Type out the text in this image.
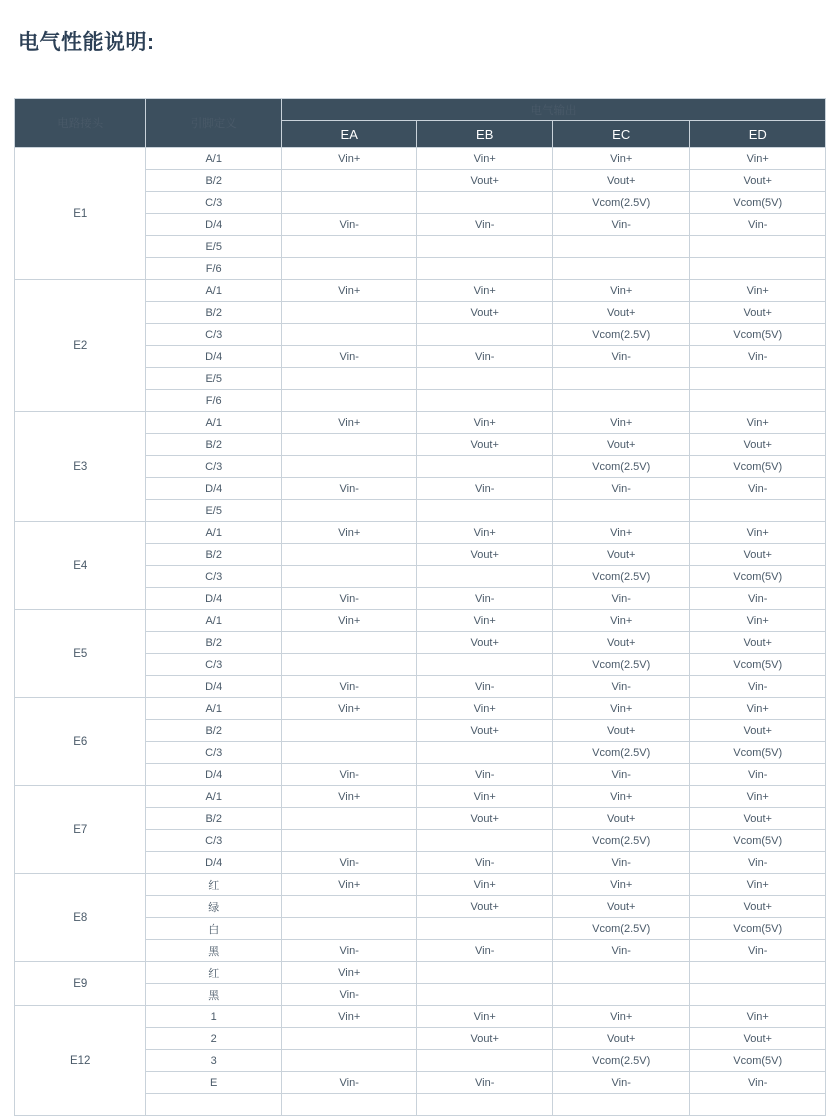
电气性能说明:
电路接头	引脚定义	电气输出			
		EA	EB	EC	ED
E1	A/1	Vin+	Vin+	Vin+	Vin+
	B/2		Vout+	Vout+	Vout+
	C/3			Vcom(2.5V)	Vcom(5V)
	D/4	Vin-	Vin-	Vin-	Vin-
	E/5				
	F/6				
E2	A/1	Vin+	Vin+	Vin+	Vin+
	B/2		Vout+	Vout+	Vout+
	C/3			Vcom(2.5V)	Vcom(5V)
	D/4	Vin-	Vin-	Vin-	Vin-
	E/5				
	F/6				
E3	A/1	Vin+	Vin+	Vin+	Vin+
	B/2		Vout+	Vout+	Vout+
	C/3			Vcom(2.5V)	Vcom(5V)
	D/4	Vin-	Vin-	Vin-	Vin-
	E/5				
E4	A/1	Vin+	Vin+	Vin+	Vin+
	B/2		Vout+	Vout+	Vout+
	C/3			Vcom(2.5V)	Vcom(5V)
	D/4	Vin-	Vin-	Vin-	Vin-
E5	A/1	Vin+	Vin+	Vin+	Vin+
	B/2		Vout+	Vout+	Vout+
	C/3			Vcom(2.5V)	Vcom(5V)
	D/4	Vin-	Vin-	Vin-	Vin-
E6	A/1	Vin+	Vin+	Vin+	Vin+
	B/2		Vout+	Vout+	Vout+
	C/3			Vcom(2.5V)	Vcom(5V)
	D/4	Vin-	Vin-	Vin-	Vin-
E7	A/1	Vin+	Vin+	Vin+	Vin+
	B/2		Vout+	Vout+	Vout+
	C/3			Vcom(2.5V)	Vcom(5V)
	D/4	Vin-	Vin-	Vin-	Vin-
E8	红	Vin+	Vin+	Vin+	Vin+
	绿		Vout+	Vout+	Vout+
	白			Vcom(2.5V)	Vcom(5V)
	黑	Vin-	Vin-	Vin-	Vin-
E9	红	Vin+			
	黑	Vin-			
E12	1	Vin+	Vin+	Vin+	Vin+
	2		Vout+	Vout+	Vout+
	3			Vcom(2.5V)	Vcom(5V)
	E	Vin-	Vin-	Vin-	Vin-
